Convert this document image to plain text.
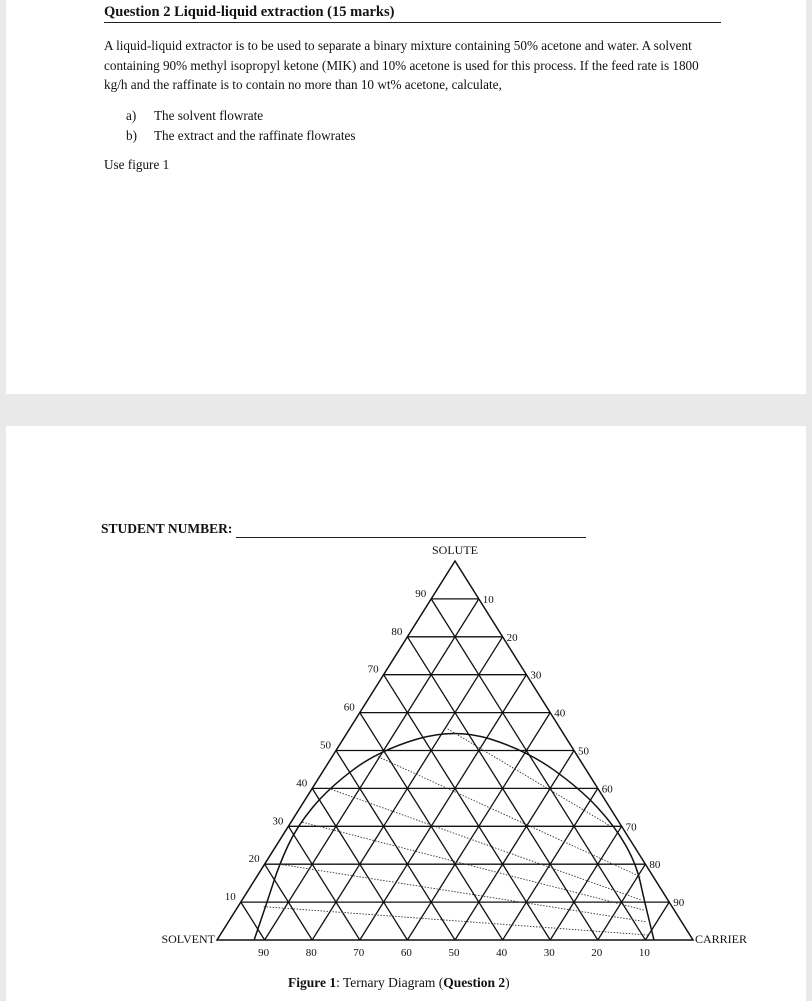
Question 2 Liquid-liquid extraction (15 marks)
A liquid-liquid extractor is to be used to separate a binary mixture containing 50% acetone and water. A solvent containing 90% methyl isopropyl ketone (MIK) and 10% acetone is used for this process. If the feed rate is 1800 kg/h and the raffinate is to contain no more than 10 wt% acetone, calculate,
a) The solvent flowrate
b) The extract and the raffinate flowrates
Use figure 1
STUDENT NUMBER:
10
20
30
40
50
60
70
80
90	10
20
30
40
50
60
70
80
90
90	80	70	60	50	40	30	20	10
SOLUTE
SOLVENT	CARRIER
Figure 1: Ternary Diagram (Question 2)
